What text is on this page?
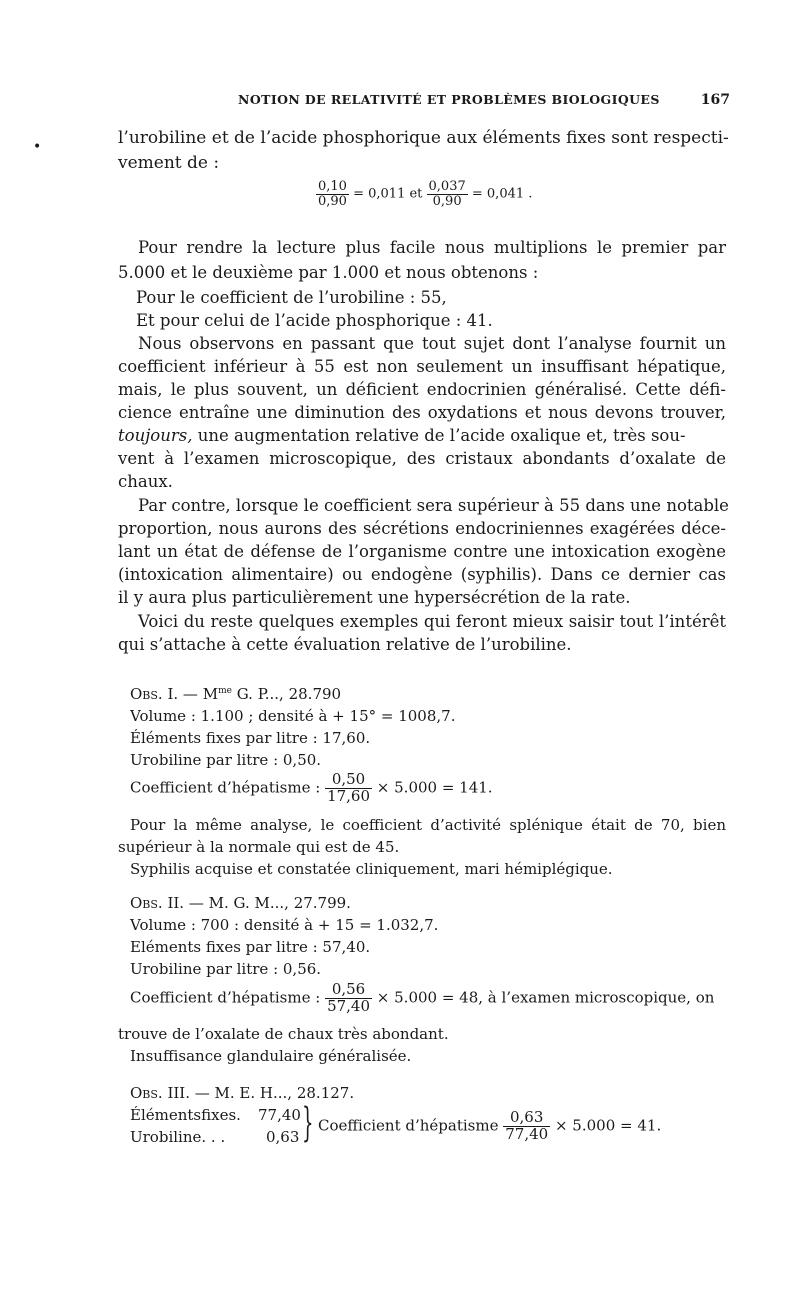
NOTION DE RELATIVITÉ ET PROBLÈMES BIOLOGIQUES	167
•	l’urobiline et de l’acide phosphorique aux éléments fixes sont respecti-
vement de :
$\frac{0,10}{0,90} = 0,011$ et $\frac{0,037}{0,90} = 0,041$ .
Pour rendre la lecture plus facile nous multiplions le premier par
5.000 et le deuxième par 1.000 et nous obtenons :
Pour le coefficient de l’urobiline : 55,
Et pour celui de l’acide phosphorique : 41.
Nous observons en passant que tout sujet dont l’analyse fournit un
coefficient inférieur à 55 est non seulement un insuffisant hépatique,
mais, le plus souvent, un déficient endocrinien généralisé. Cette défi-
cience entraîne une diminution des oxydations et nous devons trouver,
toujours, une augmentation relative de l’acide oxalique et, très sou-
vent à l’examen microscopique, des cristaux abondants d’oxalate de
chaux.
Par contre, lorsque le coefficient sera supérieur à 55 dans une notable
proportion, nous aurons des sécrétions endocriniennes exagérées déce-
lant un état de défense de l’organisme contre une intoxication exogène
(intoxication alimentaire) ou endogène (syphilis). Dans ce dernier cas
il y aura plus particulièrement une hypersécrétion de la rate.
Voici du reste quelques exemples qui feront mieux saisir tout l’intérêt
qui s’attache à cette évaluation relative de l’urobiline.
Obs. I. — $M^{me}$ G. P..., 28.790
Volume : 1.100 ; densité à + 15° = 1008,7.
Éléments fixes par litre : 17,60.
Urobiline par litre : 0,50.
Coefficient d’hépatisme : $\frac{0,50}{17,60} \times 5.000 = 141$.
Pour la même analyse, le coefficient d’activité splénique était de 70, bien
supérieur à la normale qui est de 45.
Syphilis acquise et constatée cliniquement, mari hémiplégique.
Obs. II. — M. G. M..., 27.799.
Volume : 700 : densité à + 15 = 1.032,7.
Eléments fixes par litre : 57,40.
Urobiline par litre : 0,56.
Coefficient d’hépatisme : $\frac{0,56}{57,40} \times 5.000 = 48$, à l’examen microscopique, on
trouve de l’oxalate de chaux très abondant.
Insuffisance glandulaire généralisée.
Obs. III. — M. E. H..., 28.127.
Élémentsfixes. 77,40
Urobiline. . .	0,63 } Coefficient d’hépatisme $\frac{0,63}{77,40} \times 5.000 = 41$.
